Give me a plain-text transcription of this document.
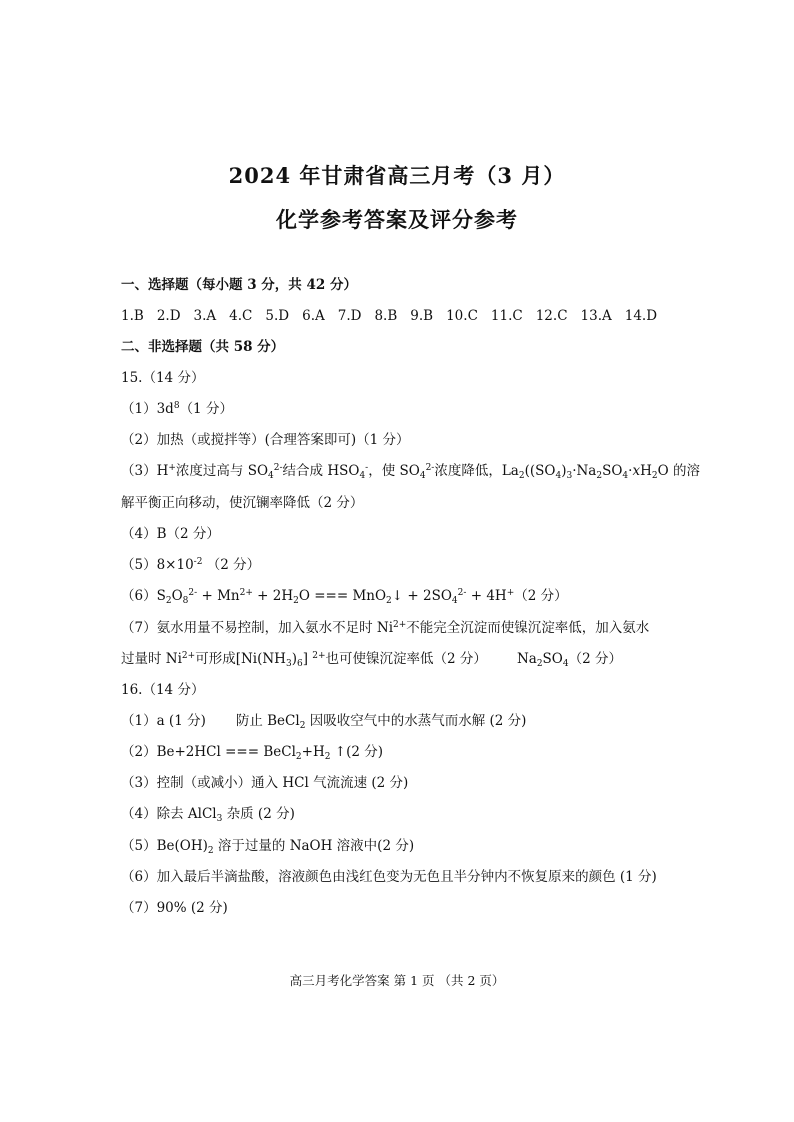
2024 年甘肃省高三月考（3 月）
化学参考答案及评分参考
一、选择题（每小题 3 分，共 42 分）
1.B 2.D 3.A 4.C 5.D 6.A 7.D 8.B 9.B 10.C 11.C 12.C 13.A 14.D
二、非选择题（共 58 分）
15.（14 分）
$(1)3d^8(1$ 分）
（2）加热（或搅拌等）(合理答案即可)（1 分）
（3）H+浓度过高与 $SO_4^{2-}$结合成 $HSO_4^-$，使 $SO_4^{2-}$浓度降低，$La_2((SO_4)_3\cdot Na_2SO_4\cdot xH_2O$ 的溶
解平衡正向移动，使沉镧率降低（2 分）
（4）B（2 分）
$(5)8\times 10^{-2}$ （2 分）
$(6)S_2O_8^{2-} + Mn^{2+} + 2H_2O$ === MnO$_2$↓ + $2SO_4^{2-} + 4H^+(2$ 分）
（7）氨水用量不易控制，加入氨水不足时 $Ni^{2+}$不能完全沉淀而使镍沉淀率低，加入氨水
过量时 $Ni^{2+}$可形成$[Ni(NH_3)_6]$ $^{2+}$也可使镍沉淀率低（2 分） $Na_2SO_4(2$ 分）
16.（14 分）
（1）a (1 分) 防止 BeCl$_2$ 因吸收空气中的水蒸气而水解 (2 分)
（2）Be+2HCl === $BeCl_2+H_2$ ↑(2 分)
（3）控制（或减小）通入 HCl 气流流速 (2 分)
（4）除去 AlCl$_3$ 杂质 (2 分)
$(5)Be(OH)_2$ 溶于过量的 NaOH 溶液中(2 分)
（6）加入最后半滴盐酸，溶液颜色由浅红色变为无色且半分钟内不恢复原来的颜色 (1 分)
（7）90% (2 分)
高三月考化学答案 第 1 页 （共 2 页）
